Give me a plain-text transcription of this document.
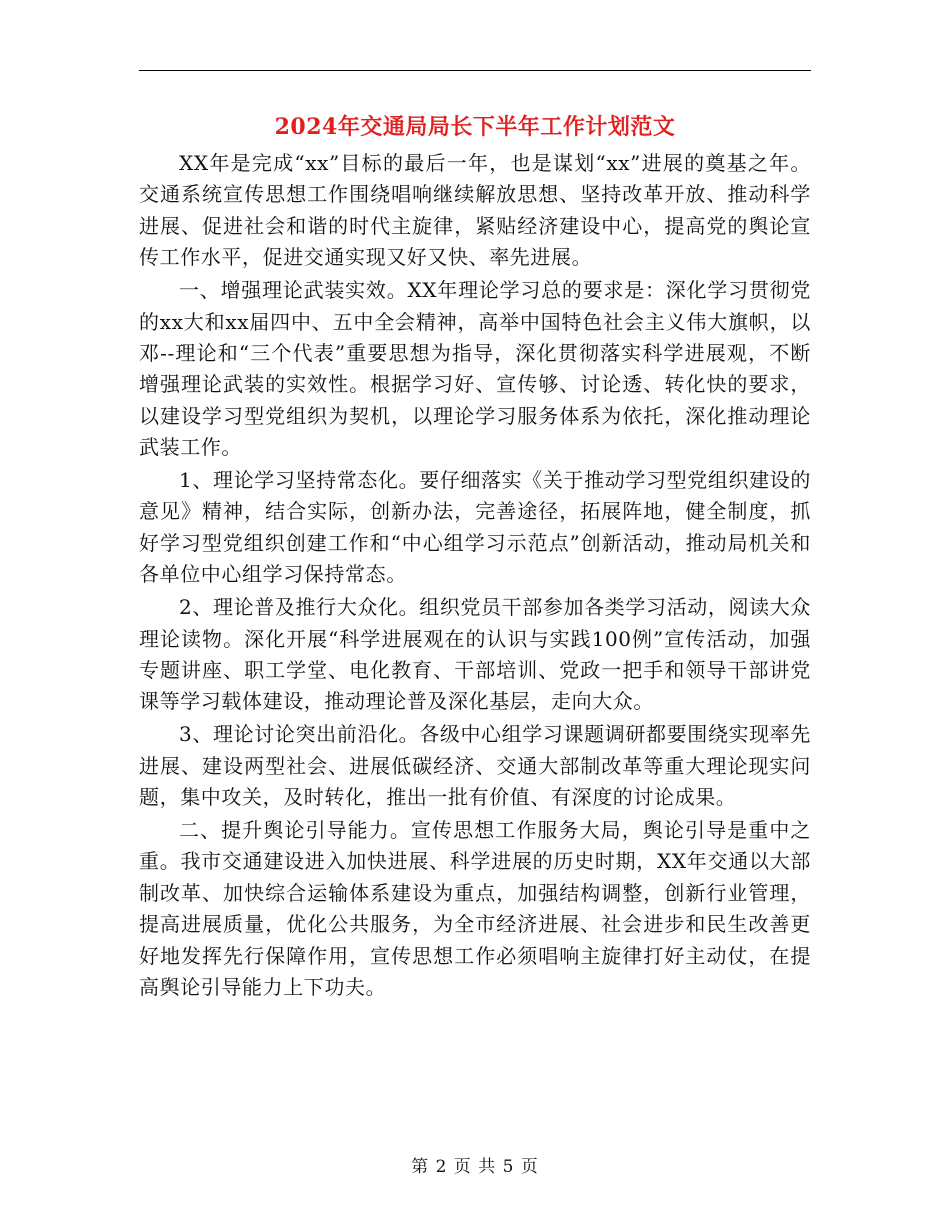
2024年交通局局长下半年工作计划范文

XX年是完成“xx”目标的最后一年，也是谋划“xx”进展的奠基之年。交通系统宣传思想工作围绕唱响继续解放思想、坚持改革开放、推动科学进展、促进社会和谐的时代主旋律，紧贴经济建设中心，提高党的舆论宣传工作水平，促进交通实现又好又快、率先进展。

一、增强理论武装实效。XX年理论学习总的要求是：深化学习贯彻党的xx大和xx届四中、五中全会精神，高举中国特色社会主义伟大旗帜，以邓--理论和“三个代表”重要思想为指导，深化贯彻落实科学进展观，不断增强理论武装的实效性。根据学习好、宣传够、讨论透、转化快的要求，以建设学习型党组织为契机，以理论学习服务体系为依托，深化推动理论武装工作。

1、理论学习坚持常态化。要仔细落实《关于推动学习型党组织建设的意见》精神，结合实际，创新办法，完善途径，拓展阵地，健全制度，抓好学习型党组织创建工作和“中心组学习示范点”创新活动，推动局机关和各单位中心组学习保持常态。

2、理论普及推行大众化。组织党员干部参加各类学习活动，阅读大众理论读物。深化开展“科学进展观在的认识与实践100例”宣传活动，加强专题讲座、职工学堂、电化教育、干部培训、党政一把手和领导干部讲党课等学习载体建设，推动理论普及深化基层，走向大众。

3、理论讨论突出前沿化。各级中心组学习课题调研都要围绕实现率先进展、建设两型社会、进展低碳经济、交通大部制改革等重大理论现实问题，集中攻关，及时转化，推出一批有价值、有深度的讨论成果。

二、提升舆论引导能力。宣传思想工作服务大局，舆论引导是重中之重。我市交通建设进入加快进展、科学进展的历史时期，XX年交通以大部制改革、加快综合运输体系建设为重点，加强结构调整，创新行业管理，提高进展质量，优化公共服务，为全市经济进展、社会进步和民生改善更好地发挥先行保障作用，宣传思想工作必须唱响主旋律打好主动仗，在提高舆论引导能力上下功夫。

第 2 页 共 5 页
